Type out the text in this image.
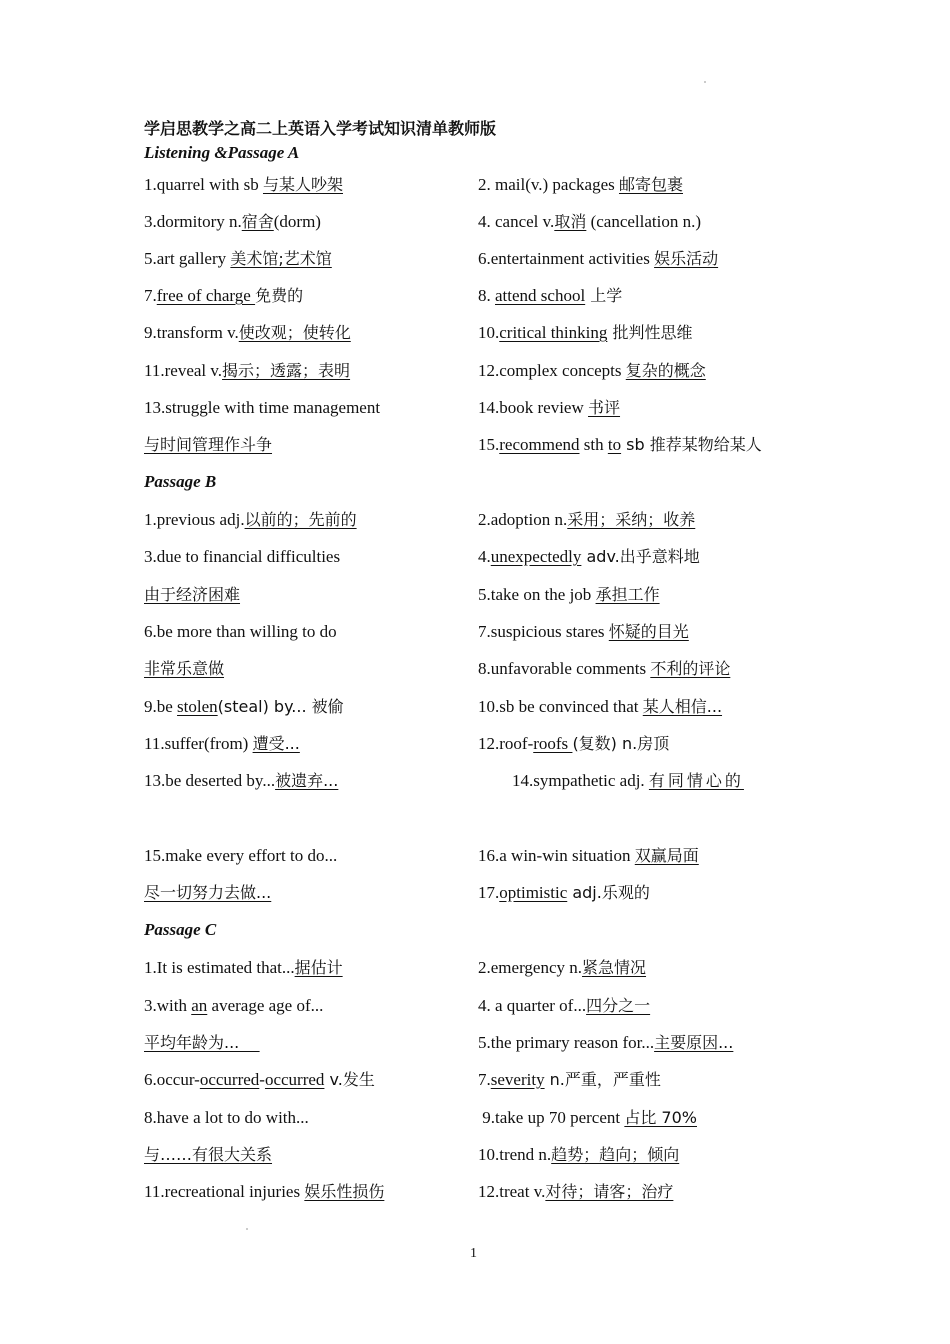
学启思教学之高二上英语入学考试知识清单教师版
Listening &Passage A
1.quarrel with sb 与某人吵架	2. mail(v.) packages 邮寄包裹
3.dormitory n.宿舍(dorm)	4. cancel v.取消 (cancellation n.)
5.art gallery 美术馆;艺术馆	6.entertainment activities 娱乐活动
7.free of charge 免费的	8. attend school 上学
9.transform v.使改观；使转化	10.critical thinking 批判性思维
11.reveal v.揭示；透露；表明	12.complex concepts 复杂的概念
13.struggle with time management	14.book review 书评
与时间管理作斗争	15.recommend sth to sb 推荐某物给某人
Passage B
1.previous adj.以前的；先前的	2.adoption n.采用；采纳；收养
3.due to financial difficulties	4.unexpectedly adv.出乎意料地
由于经济困难	5.take on the job 承担工作
6.be more than willing to do	7.suspicious stares 怀疑的目光
非常乐意做	8.unfavorable comments 不利的评论
9.be stolen(steal) by... 被偷	10.sb be convinced that 某人相信...
11.suffer(from) 遭受...	12.roof-roofs (复数) n.房顶
13.be deserted by...被遗弃...	14.sympathetic adj. 有同情心的
15.make every effort to do...	16.a win-win situation 双赢局面
尽一切努力去做...	17.optimistic adj.乐观的
Passage C
1.It is estimated that...据估计	2.emergency n.紧急情况
3.with an average age of...	4. a quarter of...四分之一
平均年龄为...	5.the primary reason for...主要原因...
6.occur-occurred-occurred v.发生	7.severity n.严重，严重性
8.have a lot to do with...	9.take up 70 percent 占比 70%
与……有很大关系	10.trend n.趋势；趋向；倾向
11.recreational injuries 娱乐性损伤	12.treat v.对待；请客；治疗
1
